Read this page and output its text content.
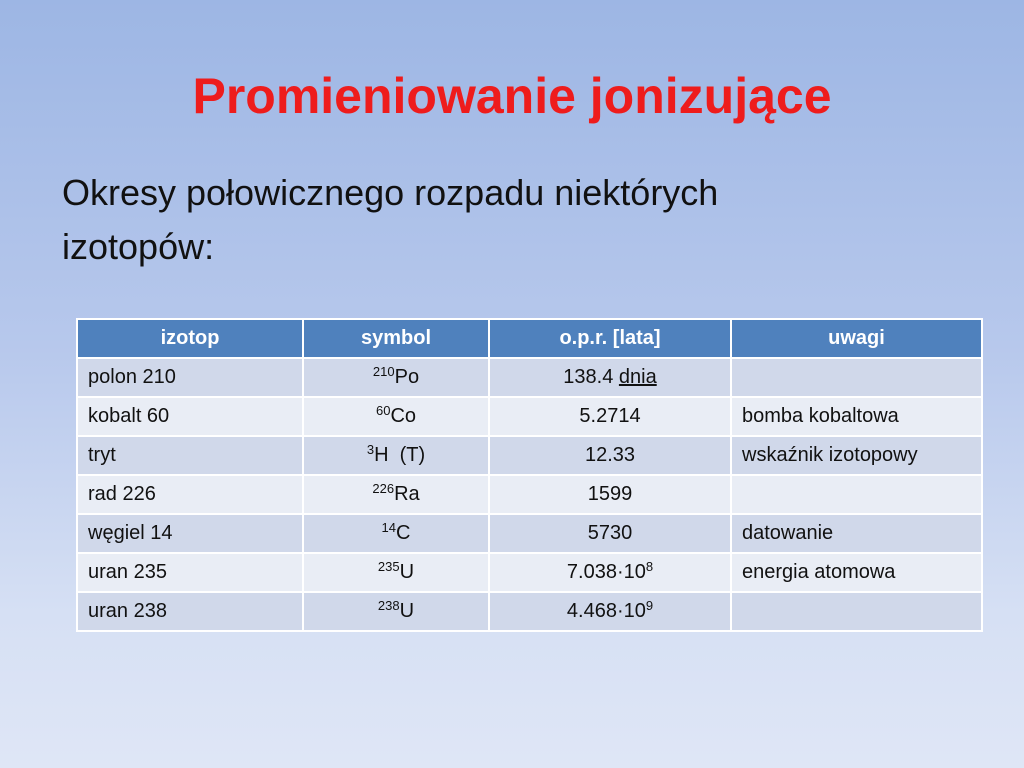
Promieniowanie jonizujące
Okresy połowicznego rozpadu niektórych
izotopów:
izotop	symbol	o.p.r. [lata]	uwagi
polon 210	$^{210}$Po	138.4 dnia	
kobalt 60	$^{60}$Co	5.2714	bomba kobaltowa
tryt	$^3$H  (T)	12.33	wskaźnik izotopowy
rad 226	$^{226}$Ra	1599	
węgiel 14	$^{14}$C	5730	datowanie
uran 235	$^{235}$U	$7.038\cdot 10^8$	energia atomowa
uran 238	$^{238}$U	$4.468\cdot 10^9$	
